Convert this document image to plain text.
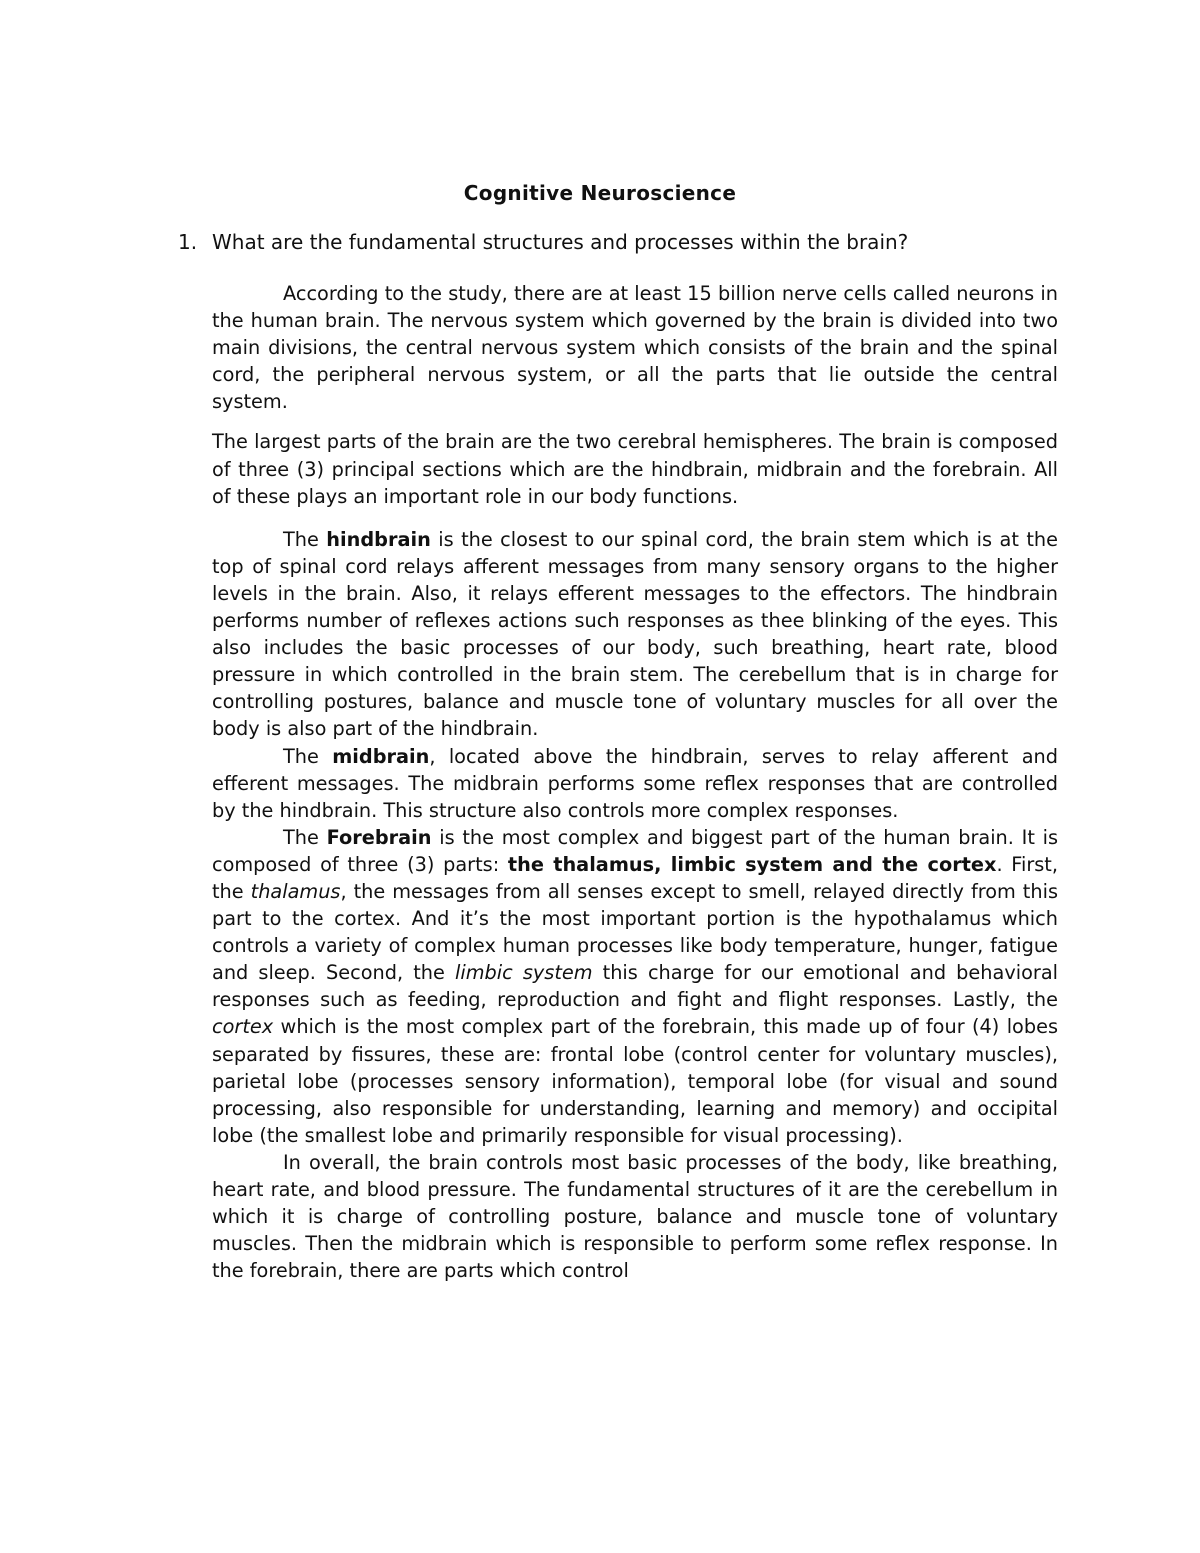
Cognitive Neuroscience
1. What are the fundamental structures and processes within the brain?

According to the study, there are at least 15 billion nerve cells called neurons in the human brain. The nervous system which governed by the brain is divided into two main divisions, the central nervous system which consists of the brain and the spinal cord, the peripheral nervous system, or all the parts that lie outside the central system.

The largest parts of the brain are the two cerebral hemispheres. The brain is composed of three (3) principal sections which are the hindbrain, midbrain and the forebrain. All of these plays an important role in our body functions.

The hindbrain is the closest to our spinal cord, the brain stem which is at the top of spinal cord relays afferent messages from many sensory organs to the higher levels in the brain. Also, it relays efferent messages to the effectors. The hindbrain performs number of reflexes actions such responses as thee blinking of the eyes. This also includes the basic processes of our body, such breathing, heart rate, blood pressure in which controlled in the brain stem. The cerebellum that is in charge for controlling postures, balance and muscle tone of voluntary muscles for all over the body is also part of the hindbrain.

The midbrain, located above the hindbrain, serves to relay afferent and efferent messages. The midbrain performs some reflex responses that are controlled by the hindbrain. This structure also controls more complex responses.

The Forebrain is the most complex and biggest part of the human brain. It is composed of three (3) parts: the thalamus, limbic system and the cortex. First, the thalamus, the messages from all senses except to smell, relayed directly from this part to the cortex. And it’s the most important portion is the hypothalamus which controls a variety of complex human processes like body temperature, hunger, fatigue and sleep. Second, the limbic system this charge for our emotional and behavioral responses such as feeding, reproduction and fight and flight responses. Lastly, the cortex which is the most complex part of the forebrain, this made up of four (4) lobes separated by fissures, these are: frontal lobe (control center for voluntary muscles), parietal lobe (processes sensory information), temporal lobe (for visual and sound processing, also responsible for understanding, learning and memory) and occipital lobe (the smallest lobe and primarily responsible for visual processing).

In overall, the brain controls most basic processes of the body, like breathing, heart rate, and blood pressure. The fundamental structures of it are the cerebellum in which it is charge of controlling posture, balance and muscle tone of voluntary muscles. Then the midbrain which is responsible to perform some reflex response. In the forebrain, there are parts which control
